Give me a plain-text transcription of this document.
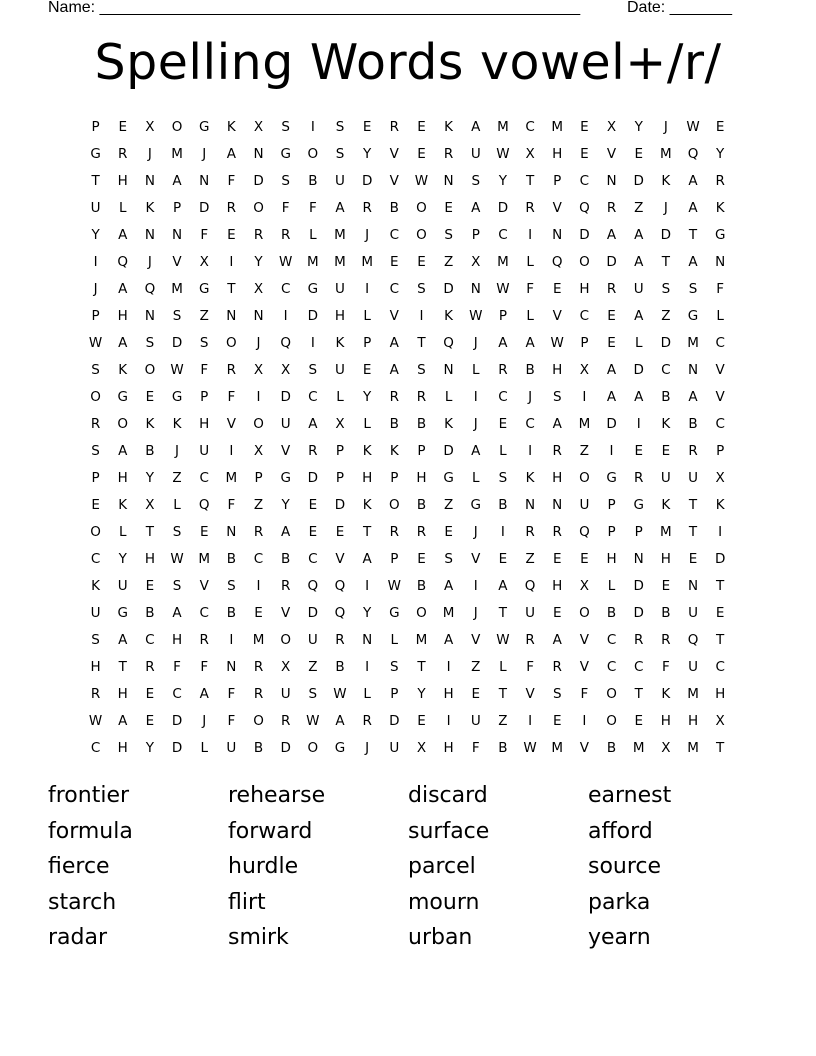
Name: ______________________________________________________	Date: _______
Spelling Words vowel+/r/
P	E	X	O	G	K	X	S	I	S	E	R	E	K	A	M	C	M	E	X	Y	J	W	E
G	R	J	M	J	A	N	G	O	S	Y	V	E	R	U	W	X	H	E	V	E	M	Q	Y
T	H	N	A	N	F	D	S	B	U	D	V	W	N	S	Y	T	P	C	N	D	K	A	R
U	L	K	P	D	R	O	F	F	A	R	B	O	E	A	D	R	V	Q	R	Z	J	A	K
Y	A	N	N	F	E	R	R	L	M	J	C	O	S	P	C	I	N	D	A	A	D	T	G
I	Q	J	V	X	I	Y	W	M	M	M	E	E	Z	X	M	L	Q	O	D	A	T	A	N
J	A	Q	M	G	T	X	C	G	U	I	C	S	D	N	W	F	E	H	R	U	S	S	F
P	H	N	S	Z	N	N	I	D	H	L	V	I	K	W	P	L	V	C	E	A	Z	G	L
W	A	S	D	S	O	J	Q	I	K	P	A	T	Q	J	A	A	W	P	E	L	D	M	C
S	K	O	W	F	R	X	X	S	U	E	A	S	N	L	R	B	H	X	A	D	C	N	V
O	G	E	G	P	F	I	D	C	L	Y	R	R	L	I	C	J	S	I	A	A	B	A	V
R	O	K	K	H	V	O	U	A	X	L	B	B	K	J	E	C	A	M	D	I	K	B	C
S	A	B	J	U	I	X	V	R	P	K	K	P	D	A	L	I	R	Z	I	E	E	R	P
P	H	Y	Z	C	M	P	G	D	P	H	P	H	G	L	S	K	H	O	G	R	U	U	X
E	K	X	L	Q	F	Z	Y	E	D	K	O	B	Z	G	B	N	N	U	P	G	K	T	K
O	L	T	S	E	N	R	A	E	E	T	R	R	E	J	I	R	R	Q	P	P	M	T	I
C	Y	H	W	M	B	C	B	C	V	A	P	E	S	V	E	Z	E	E	H	N	H	E	D
K	U	E	S	V	S	I	R	Q	Q	I	W	B	A	I	A	Q	H	X	L	D	E	N	T
U	G	B	A	C	B	E	V	D	Q	Y	G	O	M	J	T	U	E	O	B	D	B	U	E
S	A	C	H	R	I	M	O	U	R	N	L	M	A	V	W	R	A	V	C	R	R	Q	T
H	T	R	F	F	N	R	X	Z	B	I	S	T	I	Z	L	F	R	V	C	C	F	U	C
R	H	E	C	A	F	R	U	S	W	L	P	Y	H	E	T	V	S	F	O	T	K	M	H
W	A	E	D	J	F	O	R	W	A	R	D	E	I	U	Z	I	E	I	O	E	H	H	X
C	H	Y	D	L	U	B	D	O	G	J	U	X	H	F	B	W	M	V	B	M	X	M	T
frontier	rehearse	discard	earnest
formula	forward	surface	afford
fierce	hurdle	parcel	source
starch	flirt	mourn	parka
radar	smirk	urban	yearn
